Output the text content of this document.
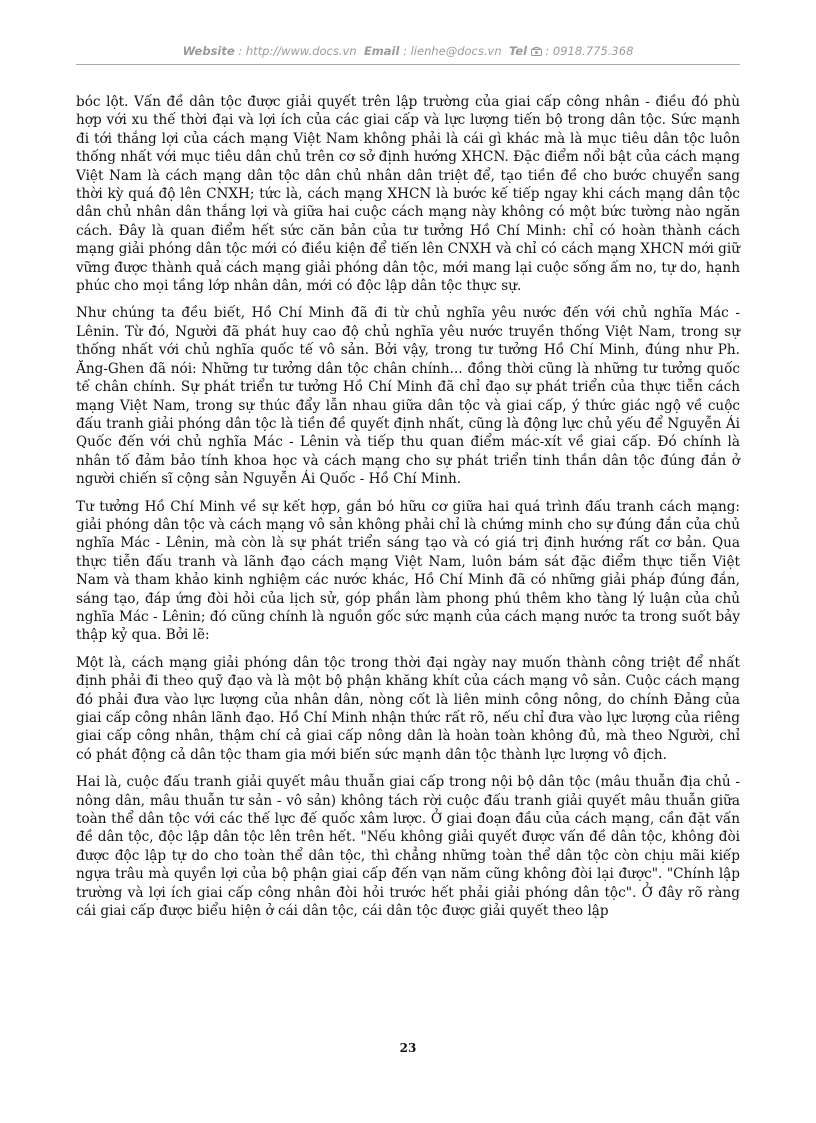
Website : http://www.docs.vn Email : lienhe@docs.vn Tel : 0918.775.368

bóc lột. Vấn đề dân tộc được giải quyết trên lập trường của giai cấp công nhân - điều đó phù hợp với xu thế thời đại và lợi ích của các giai cấp và lực lượng tiến bộ trong dân tộc. Sức mạnh đi tới thắng lợi của cách mạng Việt Nam không phải là cái gì khác mà là mục tiêu dân tộc luôn thống nhất với mục tiêu dân chủ trên cơ sở định hướng XHCN. Đặc điểm nổi bật của cách mạng Việt Nam là cách mạng dân tộc dân chủ nhân dân triệt để, tạo tiền đề cho bước chuyển sang thời kỳ quá độ lên CNXH; tức là, cách mạng XHCN là bước kế tiếp ngay khi cách mạng dân tộc dân chủ nhân dân thắng lợi và giữa hai cuộc cách mạng này không có một bức tường nào ngăn cách. Đây là quan điểm hết sức căn bản của tư tưởng Hồ Chí Minh: chỉ có hoàn thành cách mạng giải phóng dân tộc mới có điều kiện để tiến lên CNXH và chỉ có cách mạng XHCN mới giữ vững được thành quả cách mạng giải phóng dân tộc, mới mang lại cuộc sống ấm no, tự do, hạnh phúc cho mọi tầng lớp nhân dân, mới có độc lập dân tộc thực sự.

Như chúng ta đều biết, Hồ Chí Minh đã đi từ chủ nghĩa yêu nước đến với chủ nghĩa Mác - Lênin. Từ đó, Người đã phát huy cao độ chủ nghĩa yêu nước truyền thống Việt Nam, trong sự thống nhất với chủ nghĩa quốc tế vô sản. Bởi vậy, trong tư tưởng Hồ Chí Minh, đúng như Ph. Ăng-Ghen đã nói: Những tư tưởng dân tộc chân chính... đồng thời cũng là những tư tưởng quốc tế chân chính. Sự phát triển tư tưởng Hồ Chí Minh đã chỉ đạo sự phát triển của thực tiễn cách mạng Việt Nam, trong sự thúc đẩy lẫn nhau giữa dân tộc và giai cấp, ý thức giác ngộ về cuộc đấu tranh giải phóng dân tộc là tiền đề quyết định nhất, cũng là động lực chủ yếu để Nguyễn Ái Quốc đến với chủ nghĩa Mác - Lênin và tiếp thu quan điểm mác-xít về giai cấp. Đó chính là nhân tố đảm bảo tính khoa học và cách mạng cho sự phát triển tinh thần dân tộc đúng đắn ở người chiến sĩ cộng sản Nguyễn Ái Quốc - Hồ Chí Minh.

Tư tưởng Hồ Chí Minh về sự kết hợp, gắn bó hữu cơ giữa hai quá trình đấu tranh cách mạng: giải phóng dân tộc và cách mạng vô sản không phải chỉ là chứng minh cho sự đúng đắn của chủ nghĩa Mác - Lênin, mà còn là sự phát triển sáng tạo và có giá trị định hướng rất cơ bản. Qua thực tiễn đấu tranh và lãnh đạo cách mạng Việt Nam, luôn bám sát đặc điểm thực tiễn Việt Nam và tham khảo kinh nghiệm các nước khác, Hồ Chí Minh đã có những giải pháp đúng đắn, sáng tạo, đáp ứng đòi hỏi của lịch sử, góp phần làm phong phú thêm kho tàng lý luận của chủ nghĩa Mác - Lênin; đó cũng chính là nguồn gốc sức mạnh của cách mạng nước ta trong suốt bảy thập kỷ qua. Bởi lẽ:

Một là, cách mạng giải phóng dân tộc trong thời đại ngày nay muốn thành công triệt để nhất định phải đi theo quỹ đạo và là một bộ phận khăng khít của cách mạng vô sản. Cuộc cách mạng đó phải đưa vào lực lượng của nhân dân, nòng cốt là liên minh công nông, do chính Đảng của giai cấp công nhân lãnh đạo. Hồ Chí Minh nhận thức rất rõ, nếu chỉ đưa vào lực lượng của riêng giai cấp công nhân, thậm chí cả giai cấp nông dân là hoàn toàn không đủ, mà theo Người, chỉ có phát động cả dân tộc tham gia mới biến sức mạnh dân tộc thành lực lượng vô địch.

Hai là, cuộc đấu tranh giải quyết mâu thuẫn giai cấp trong nội bộ dân tộc (mâu thuẫn địa chủ - nông dân, mâu thuẫn tư sản - vô sản) không tách rời cuộc đấu tranh giải quyết mâu thuẫn giữa toàn thể dân tộc với các thế lực đế quốc xâm lược. Ở giai đoạn đầu của cách mạng, cần đặt vấn đề dân tộc, độc lập dân tộc lên trên hết. "Nếu không giải quyết được vấn đề dân tộc, không đòi được độc lập tự do cho toàn thể dân tộc, thì chẳng những toàn thể dân tộc còn chịu mãi kiếp ngựa trâu mà quyền lợi của bộ phận giai cấp đến vạn năm cũng không đòi lại được". "Chính lập trường và lợi ích giai cấp công nhân đòi hỏi trước hết phải giải phóng dân tộc". Ở đây rõ ràng cái giai cấp được biểu hiện ở cái dân tộc, cái dân tộc được giải quyết theo lập

23
